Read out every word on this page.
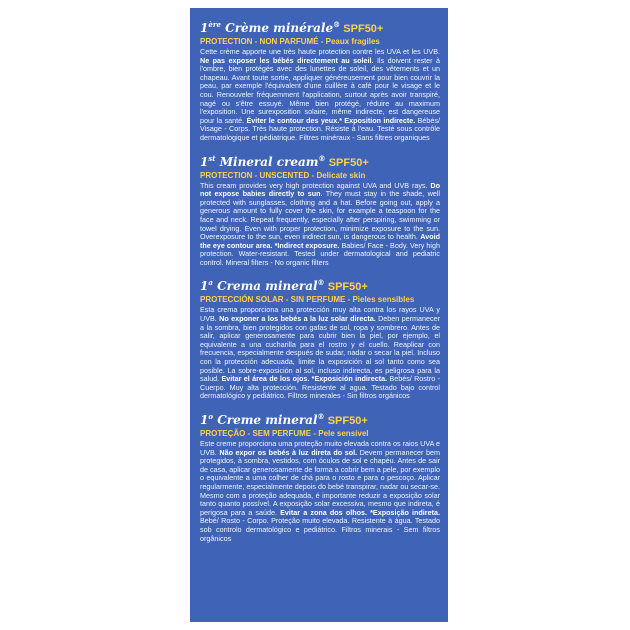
1ère Crème minérale® SPF50+
PROTECTION - NON PARFUMÉ - Peaux fragiles
Cette crème apporte une très haute protection contre les UVA et les UVB. Ne pas exposer les bébés directement au soleil. Ils doivent rester à l'ombre, bien protégés avec des lunettes de soleil, des vêtements et un chapeau. Avant toute sortie, appliquer généreusement pour bien couvrir la peau, par exemple l'équivalent d'une cuillère à café pour le visage et le cou. Renouveler fréquemment l'application, surtout après avoir transpiré, nagé ou s'être essuyé. Même bien protégé, réduire au maximum l'exposition. Une surexposition solaire, même indirecte, est dangereuse pour la santé. Éviter le contour des yeux.* Exposition indirecte. Bébés/ Visage - Corps. Très haute protection. Résiste à l'eau. Testé sous contrôle dermatologique et pédiatrique. Filtres minéraux - Sans filtres organiques
1st Mineral cream® SPF50+
PROTECTION - UNSCENTED - Delicate skin
This cream provides very high protection against UVA and UVB rays. Do not expose babies directly to sun. They must stay in the shade, well protected with sunglasses, clothing and a hat. Before going out, apply a generous amount to fully cover the skin, for example a teaspoon for the face and neck. Repeat frequently, especially after perspiring, swimming or towel drying. Even with proper protection, minimize exposure to the sun. Overexposure to the sun, even indirect sun, is dangerous to health. Avoid the eye contour area. *Indirect exposure. Babies/ Face - Body. Very high protection. Water-resistant. Tested under dermatological and pediatric control. Mineral filters - No organic filters
1$^a$ Crema mineral® SPF50+
PROTECCIÓN SOLAR - SIN PERFUME - Pieles sensibles
Esta crema proporciona una protección muy alta contra los rayos UVA y UVB. No exponer a los bebés a la luz solar directa. Deben permanecer a la sombra, bien protegidos con gafas de sol, ropa y sombrero. Antes de salir, aplicar generosamente para cubrir bien la piel, por ejemplo, el equivalente a una cucharilla para el rostro y el cuello. Reaplicar con frecuencia, especialmente después de sudar, nadar o secar la piel. Incluso con la protección adecuada, limite la exposición al sol tanto como sea posible. La sobre-exposición al sol, incluso indirecta, es peligrosa para la salud. Evitar el área de los ojos. *Exposición indirecta. Bebés/ Rostro - Cuerpo. Muy alta protección. Resistente al agua. Testado bajo control dermatológico y pediátrico. Filtros minerales - Sin filtros orgánicos
1$^o$ Creme mineral® SPF50+
PROTEÇÃO - SEM PERFUME - Pele sensível
Este creme proporciona uma proteção muito elevada contra os raios UVA e UVB. Não expor os bebés à luz direta do sol. Devem permanecer bem protegidos, à sombra, vestidos, com óculos de sol e chapéu. Antes de sair de casa, aplicar generosamente de forma a cobrir bem a pele, por exemplo o equivalente a uma colher de chá para o rosto e para o pescoço. Aplicar regularmente, especialmente depois do bebé transpirar, nadar ou secar-se. Mesmo com a proteção adequada, é importante reduzir a exposição solar tanto quanto possível. A exposição solar excessiva, mesmo que indireta, é perigosa para a saúde. Evitar a zona dos olhos. *Exposição indireta. Bebé/ Rosto - Corpo. Proteção muito elevada. Resistente à água. Testado sob controlo dermatológico e pediátrico. Filtros minerais - Sem filtros orgânicos
